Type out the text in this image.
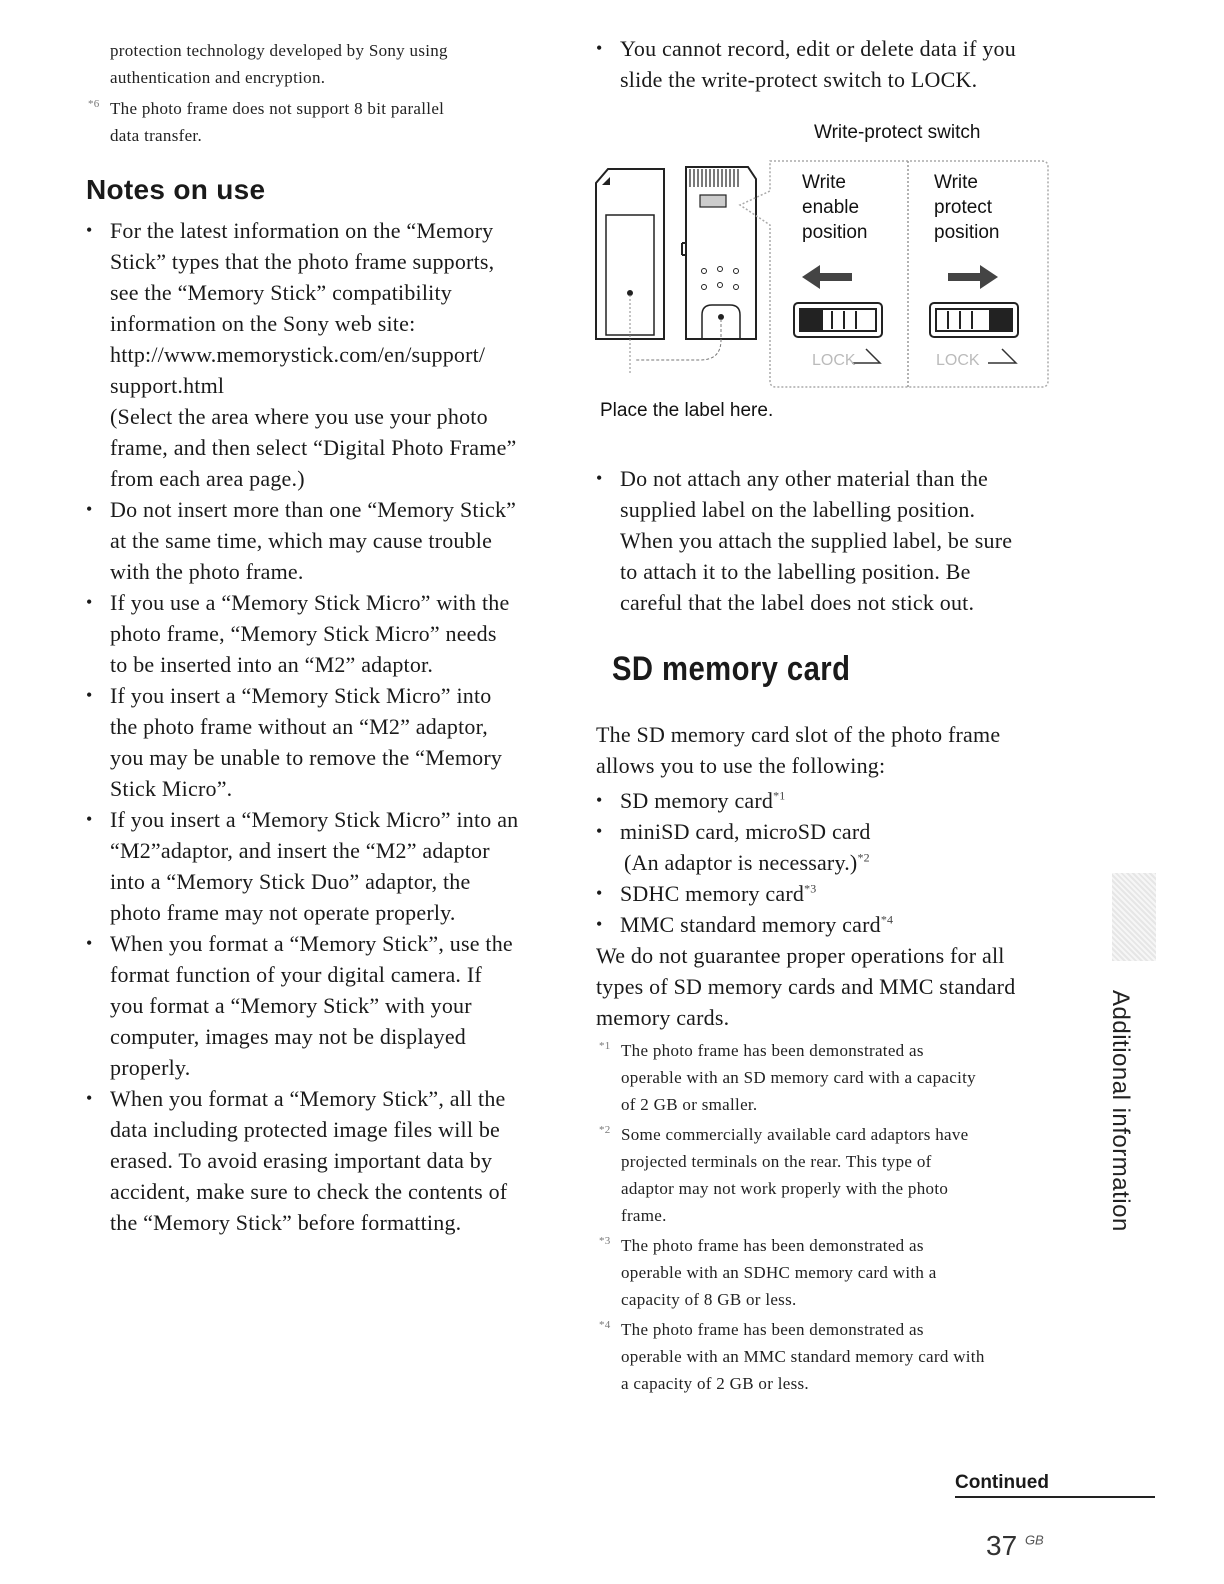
protection technology developed by Sony using
authentication and encryption.
*6 The photo frame does not support 8 bit parallel
data transfer.
Notes on use
• For the latest information on the “Memory
Stick” types that the photo frame supports,
see the “Memory Stick” compatibility
information on the Sony web site:
http://www.memorystick.com/en/support/
support.html
(Select the area where you use your photo
frame, and then select “Digital Photo Frame”
from each area page.)
• Do not insert more than one “Memory Stick”
at the same time, which may cause trouble
with the photo frame.
• If you use a “Memory Stick Micro” with the
photo frame, “Memory Stick Micro” needs
to be inserted into an “M2” adaptor.
• If you insert a “Memory Stick Micro” into
the photo frame without an “M2” adaptor,
you may be unable to remove the “Memory
Stick Micro”.
• If you insert a “Memory Stick Micro” into an
“M2”adaptor, and insert the “M2” adaptor
into a “Memory Stick Duo” adaptor, the
photo frame may not operate properly.
• When you format a “Memory Stick”, use the
format function of your digital camera. If
you format a “Memory Stick” with your
computer, images may not be displayed
properly.
• When you format a “Memory Stick”, all the
data including protected image files will be
erased. To avoid erasing important data by
accident, make sure to check the contents of
the “Memory Stick” before formatting.
• You cannot record, edit or delete data if you
slide the write-protect switch to LOCK.
Write-protect switch
LOCK	LOCK
Write
enable
position
Write
protect
position
Place the label here.
• Do not attach any other material than the
supplied label on the labelling position.
When you attach the supplied label, be sure
to attach it to the labelling position. Be
careful that the label does not stick out.
SD memory card
The SD memory card slot of the photo frame
allows you to use the following:
• SD memory card$^{*1}$
• miniSD card, microSD card
(An adaptor is necessary.)$^{*2}$
• SDHC memory card$^{*3}$
• MMC standard memory card$^{*4}$
We do not guarantee proper operations for all
types of SD memory cards and MMC standard
memory cards.
*1 The photo frame has been demonstrated as
operable with an SD memory card with a capacity
of 2 GB or smaller.
*2 Some commercially available card adaptors have
projected terminals on the rear. This type of
adaptor may not work properly with the photo
frame.
*3 The photo frame has been demonstrated as
operable with an SDHC memory card with a
capacity of 8 GB or less.
*4 The photo frame has been demonstrated as
operable with an MMC standard memory card with
a capacity of 2 GB or less.
Additional information
Continued
37 $^{GB}$
